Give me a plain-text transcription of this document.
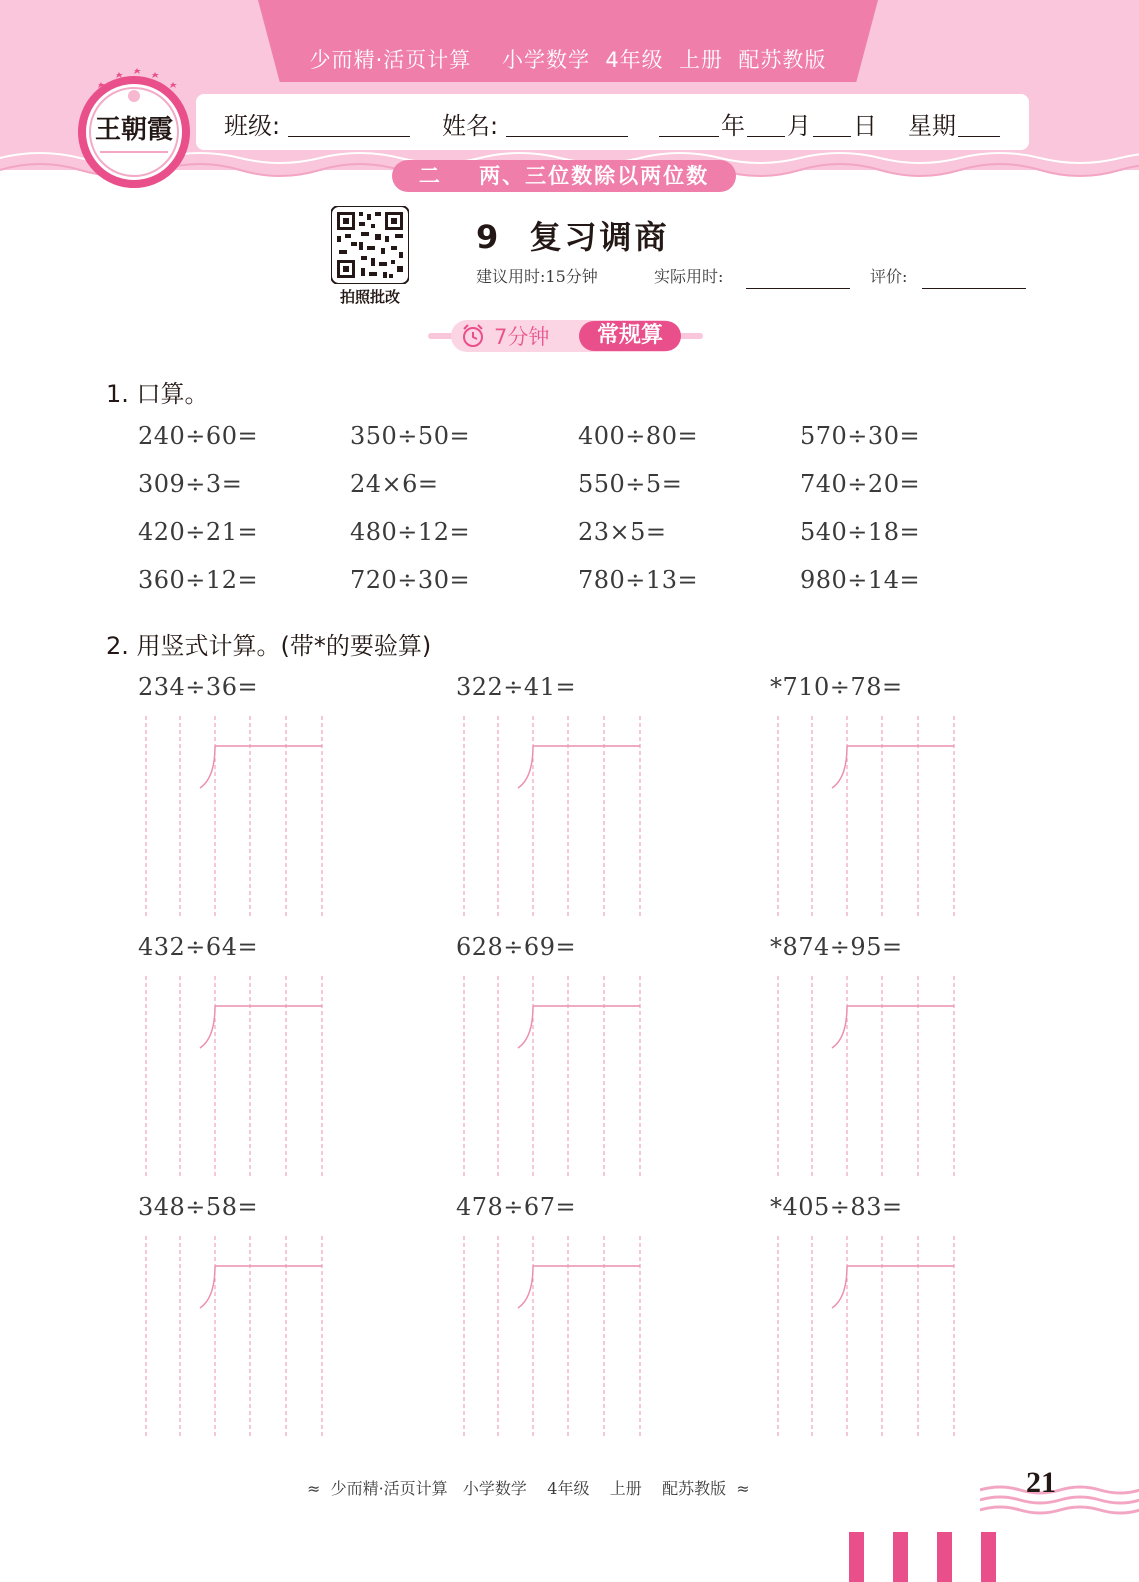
少而精·活页计算    小学数学  4年级  上册  配苏教版
班级:	姓名:	年 月 日 星期
二    两、三位数除以两位数
王朝霞
拍照批改
9  复习调商
建议用时:15分钟	实际用时:	评价:
7分钟	常规算
1. 口算。
240÷60=	350÷50=	400÷80=	570÷30=
309÷3=	24×6=	550÷5=	740÷20=
420÷21=	480÷12=	23×5=	540÷18=
360÷12=	720÷30=	780÷13=	980÷14=
2. 用竖式计算。(带*的要验算)
234÷36=	322÷41=	*710÷78=
432÷64=	628÷69=	*874÷95=
348÷58=	478÷67=	*405÷83=
≈  少而精·活页计算   小学数学    4年级    上册    配苏教版  ≈	21
